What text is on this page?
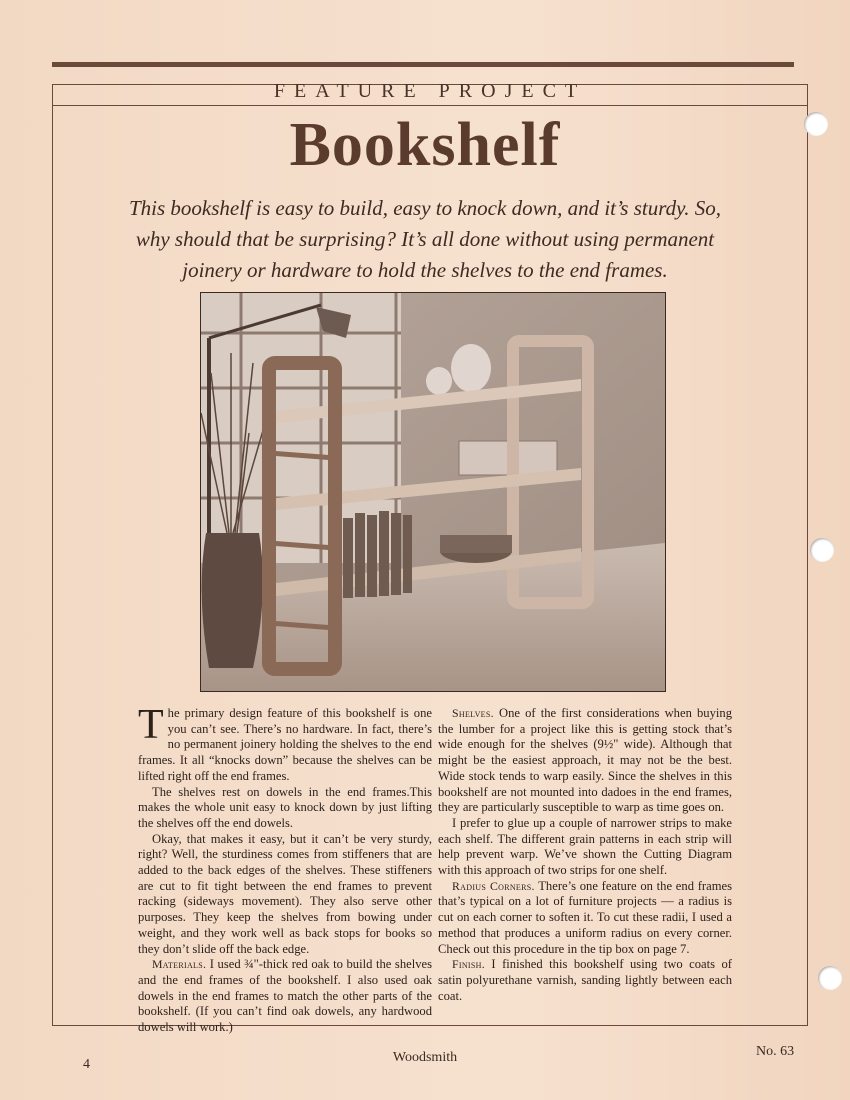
FEATURE PROJECT
Bookshelf
This bookshelf is easy to build, easy to knock down, and it’s sturdy. So, why should that be surprising? It’s all done without using permanent joinery or hardware to hold the shelves to the end frames.

The primary design feature of this bookshelf is one you can’t see. There’s no hardware. In fact, there’s no permanent joinery holding the shelves to the end frames. It all “knocks down” because the shelves can be lifted right off the end frames.

The shelves rest on dowels in the end frames.This makes the whole unit easy to knock down by just lifting the shelves off the end dowels.

Okay, that makes it easy, but it can’t be very sturdy, right? Well, the sturdiness comes from stiffeners that are added to the back edges of the shelves. These stiffeners are cut to fit tight between the end frames to prevent racking (sideways movement). They also serve other purposes. They keep the shelves from bowing under weight, and they work well as back stops for books so they don’t slide off the back edge.

Materials. I used ¾"-thick red oak to build the shelves and the end frames of the bookshelf. I also used oak dowels in the end frames to match the other parts of the bookshelf. (If you can’t find oak dowels, any hardwood dowels will work.)

Shelves. One of the first considerations when buying the lumber for a project like this is getting stock that’s wide enough for the shelves (9½" wide). Although that might be the easiest approach, it may not be the best. Wide stock tends to warp easily. Since the shelves in this bookshelf are not mounted into dadoes in the end frames, they are particularly susceptible to warp as time goes on.

I prefer to glue up a couple of narrower strips to make each shelf. The different grain patterns in each strip will help prevent warp. We’ve shown the Cutting Diagram with this approach of two strips for one shelf.

Radius Corners. There’s one feature on the end frames that’s typical on a lot of furniture projects — a radius is cut on each corner to soften it. To cut these radii, I used a method that produces a uniform radius on every corner. Check out this procedure in the tip box on page 7.

Finish. I finished this bookshelf using two coats of satin polyurethane varnish, sanding lightly between each coat.

4	Woodsmith	No. 63
